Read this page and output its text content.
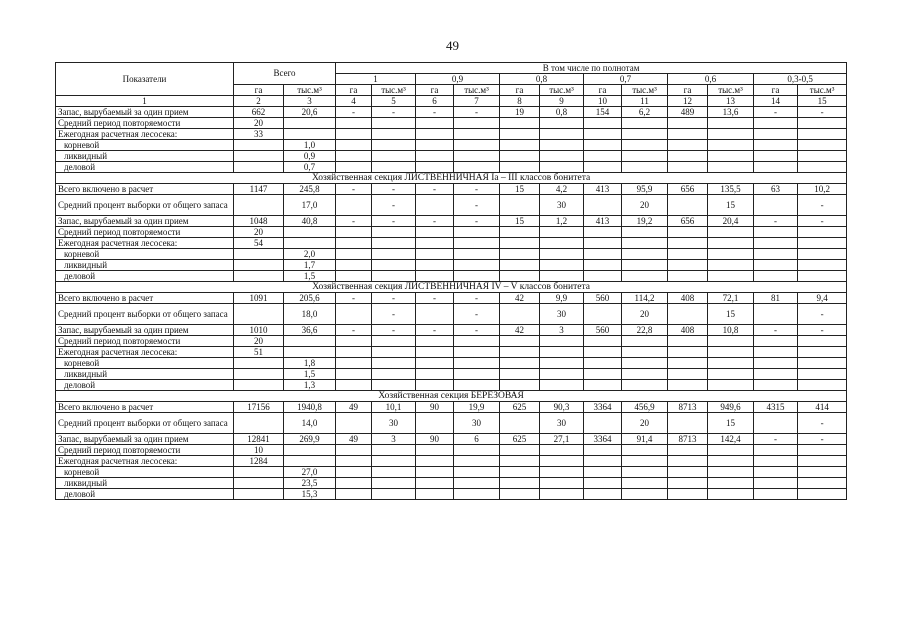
49
Показатели	Всего		В том числе по полнотам											
			1		0,9		0,8		0,7		0,6		0,3-0,5	
	га	тыс.м³	га	тыс.м³	га	тыс.м³	га	тыс.м³	га	тыс.м³	га	тыс.м³	га	тыс.м³
1	2	3	4	5	6	7	8	9	10	11	12	13	14	15
Запас, вырубаемый за один прием	662	20,6	-	-	-	-	19	0,8	154	6,2	489	13,6	-	-
Средний период повторяемости	20													
Ежегодная расчетная лесосека:	33													
корневой		1,0												
ликвидный		0,9												
деловой		0,7												
Хозяйственная секция ЛИСТВЕННИЧНАЯ Ia – III классов бонитета														
Всего включено в расчет	1147	245,8	-	-	-	-	15	4,2	413	95,9	656	135,5	63	10,2
Средний процент выборки от общего запаса		17,0		-		-		30		20		15		-
Запас, вырубаемый за один прием	1048	40,8	-	-	-	-	15	1,2	413	19,2	656	20,4	-	-
Средний период повторяемости	20													
Ежегодная расчетная лесосека:	54													
корневой		2,0												
ликвидный		1,7												
деловой		1,5												
Хозяйственная секция ЛИСТВЕННИЧНАЯ IV – V классов бонитета														
Всего включено в расчет	1091	205,6	-	-	-	-	42	9,9	560	114,2	408	72,1	81	9,4
Средний процент выборки от общего запаса		18,0		-		-		30		20		15		-
Запас, вырубаемый за один прием	1010	36,6	-	-	-	-	42	3	560	22,8	408	10,8	-	-
Средний период повторяемости	20													
Ежегодная расчетная лесосека:	51													
корневой		1,8												
ликвидный		1,5												
деловой		1,3												
Хозяйственная секция БЕРЕЗОВАЯ														
Всего включено в расчет	17156	1940,8	49	10,1	90	19,9	625	90,3	3364	456,9	8713	949,6	4315	414
Средний процент выборки от общего запаса		14,0		30		30		30		20		15		-
Запас, вырубаемый за один прием	12841	269,9	49	3	90	6	625	27,1	3364	91,4	8713	142,4	-	-
Средний период повторяемости	10													
Ежегодная расчетная лесосека:	1284													
корневой		27,0												
ликвидный		23,5												
деловой		15,3												
